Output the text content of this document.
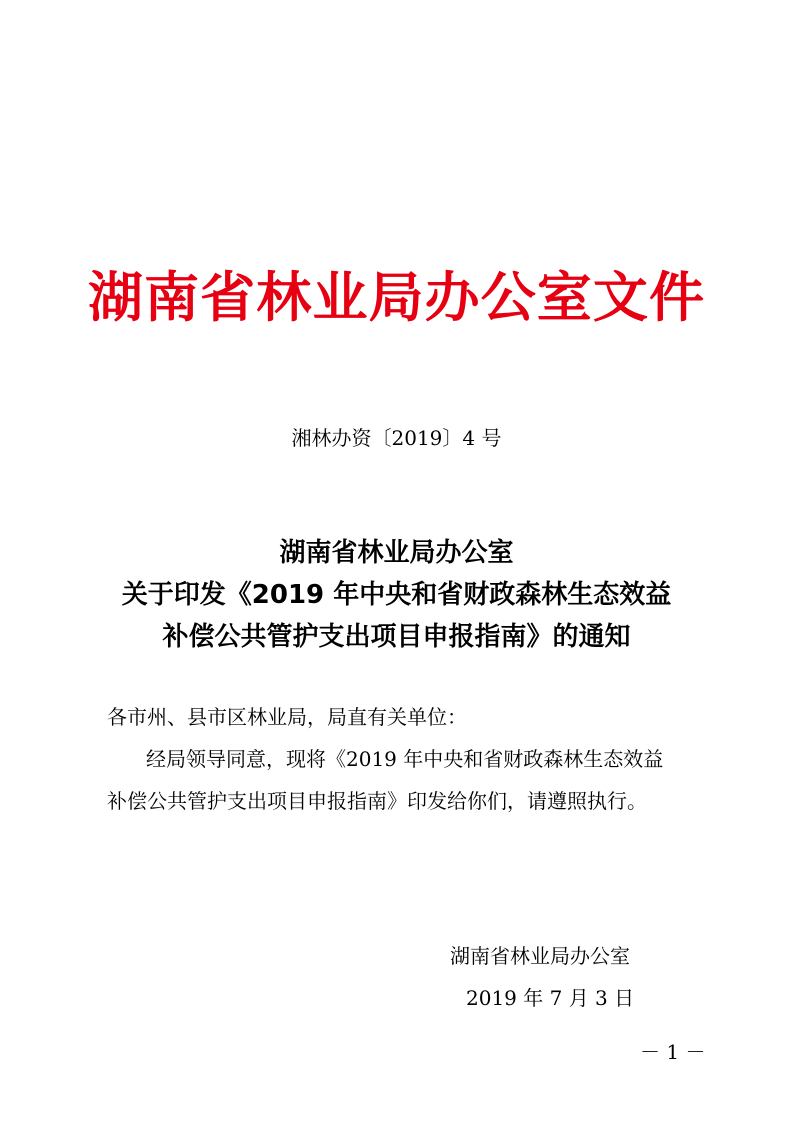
湖南省林业局办公室文件
湘林办资〔2019〕4 号
湖南省林业局办公室
关于印发《2019 年中央和省财政森林生态效益
补偿公共管护支出项目申报指南》的通知
各市州、县市区林业局，局直有关单位：
经局领导同意，现将《2019 年中央和省财政森林生态效益
补偿公共管护支出项目申报指南》印发给你们，请遵照执行。
湖南省林业局办公室
2019 年 7 月 3 日
－ 1 －
